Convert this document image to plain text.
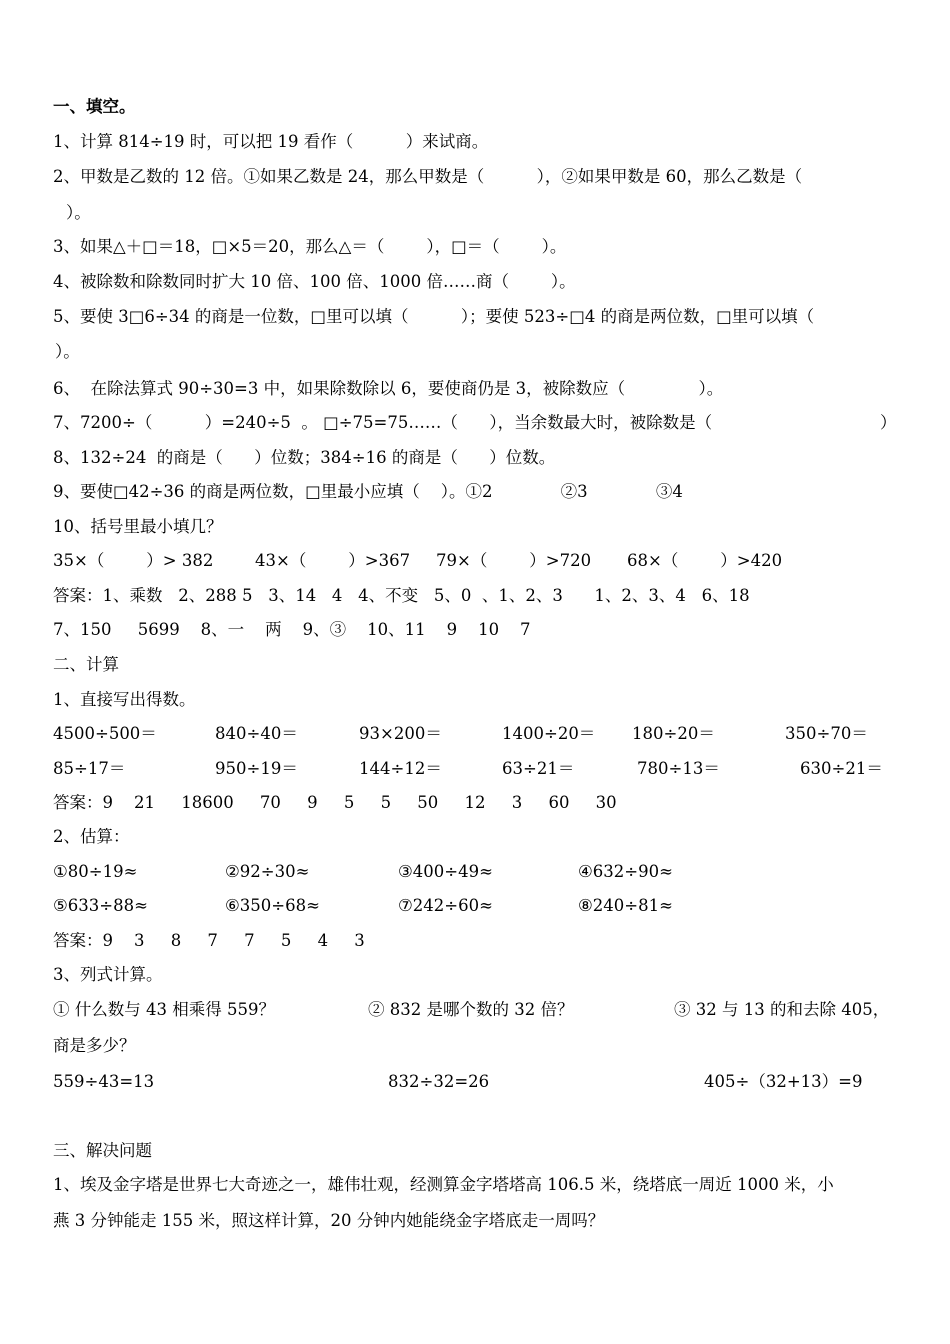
一、填空。
1、计算 814÷19 时，可以把 19 看作（          ）来试商。
2、甲数是乙数的 12 倍。①如果乙数是 24，那么甲数是（          ），②如果甲数是 60，那么乙数是（
）。
3、如果△＋□＝18，□×5＝20，那么△＝（        ），□＝（        ）。
4、被除数和除数同时扩大 10 倍、100 倍、1000 倍……商（        ）。
5、要使 3□6÷34 的商是一位数，□里可以填（          ）；要使 523÷□4 的商是两位数，□里可以填（
）。
6、  在除法算式 90÷30=3 中，如果除数除以 6，要使商仍是 3，被除数应（              ）。
7、7200÷（          ）=240÷5  。 □÷75=75……（      ），当余数最大时，被除数是（	）
8、132÷24  的商是（      ）位数；384÷16 的商是（      ）位数。
9、要使□42÷36 的商是两位数，□里最小应填（    ）。①2             ②3             ③4
10、括号里最小填几？
35×（        ）> 382	43×（        ）>367 79×（        ）>720 68×（        ）>420
答案：1、乘数   2、288 5   3、14   4   4、不变   5、0  、1、2、3      1、2、3、4   6、18
7、150     5699    8、一    两    9、③    10、11    9    10    7
二、计算
1、直接写出得数。
4500÷500＝	840÷40＝	93×200＝	1400÷20＝ 180÷20＝	350÷70＝
85÷17＝	950÷19＝	144÷12＝	63÷21＝	780÷13＝	630÷21＝
答案：9    21     18600     70     9     5     5     50     12     3     60     30
2、估算：
①80÷19≈	②92÷30≈	③400÷49≈	④632÷90≈
⑤633÷88≈	⑥350÷68≈	⑦242÷60≈	⑧240÷81≈
答案：9    3     8     7     7     5     4     3
3、列式计算。
① 什么数与 43 相乘得 559？	② 832 是哪个数的 32 倍？	③ 32 与 13 的和去除 405，
商是多少？
559÷43=13	832÷32=26	405÷（32+13）=9
三、解决问题
1、埃及金字塔是世界七大奇迹之一，雄伟壮观，经测算金字塔塔高 106.5 米，绕塔底一周近 1000 米，小
燕 3 分钟能走 155 米，照这样计算，20 分钟内她能绕金字塔底走一周吗？
